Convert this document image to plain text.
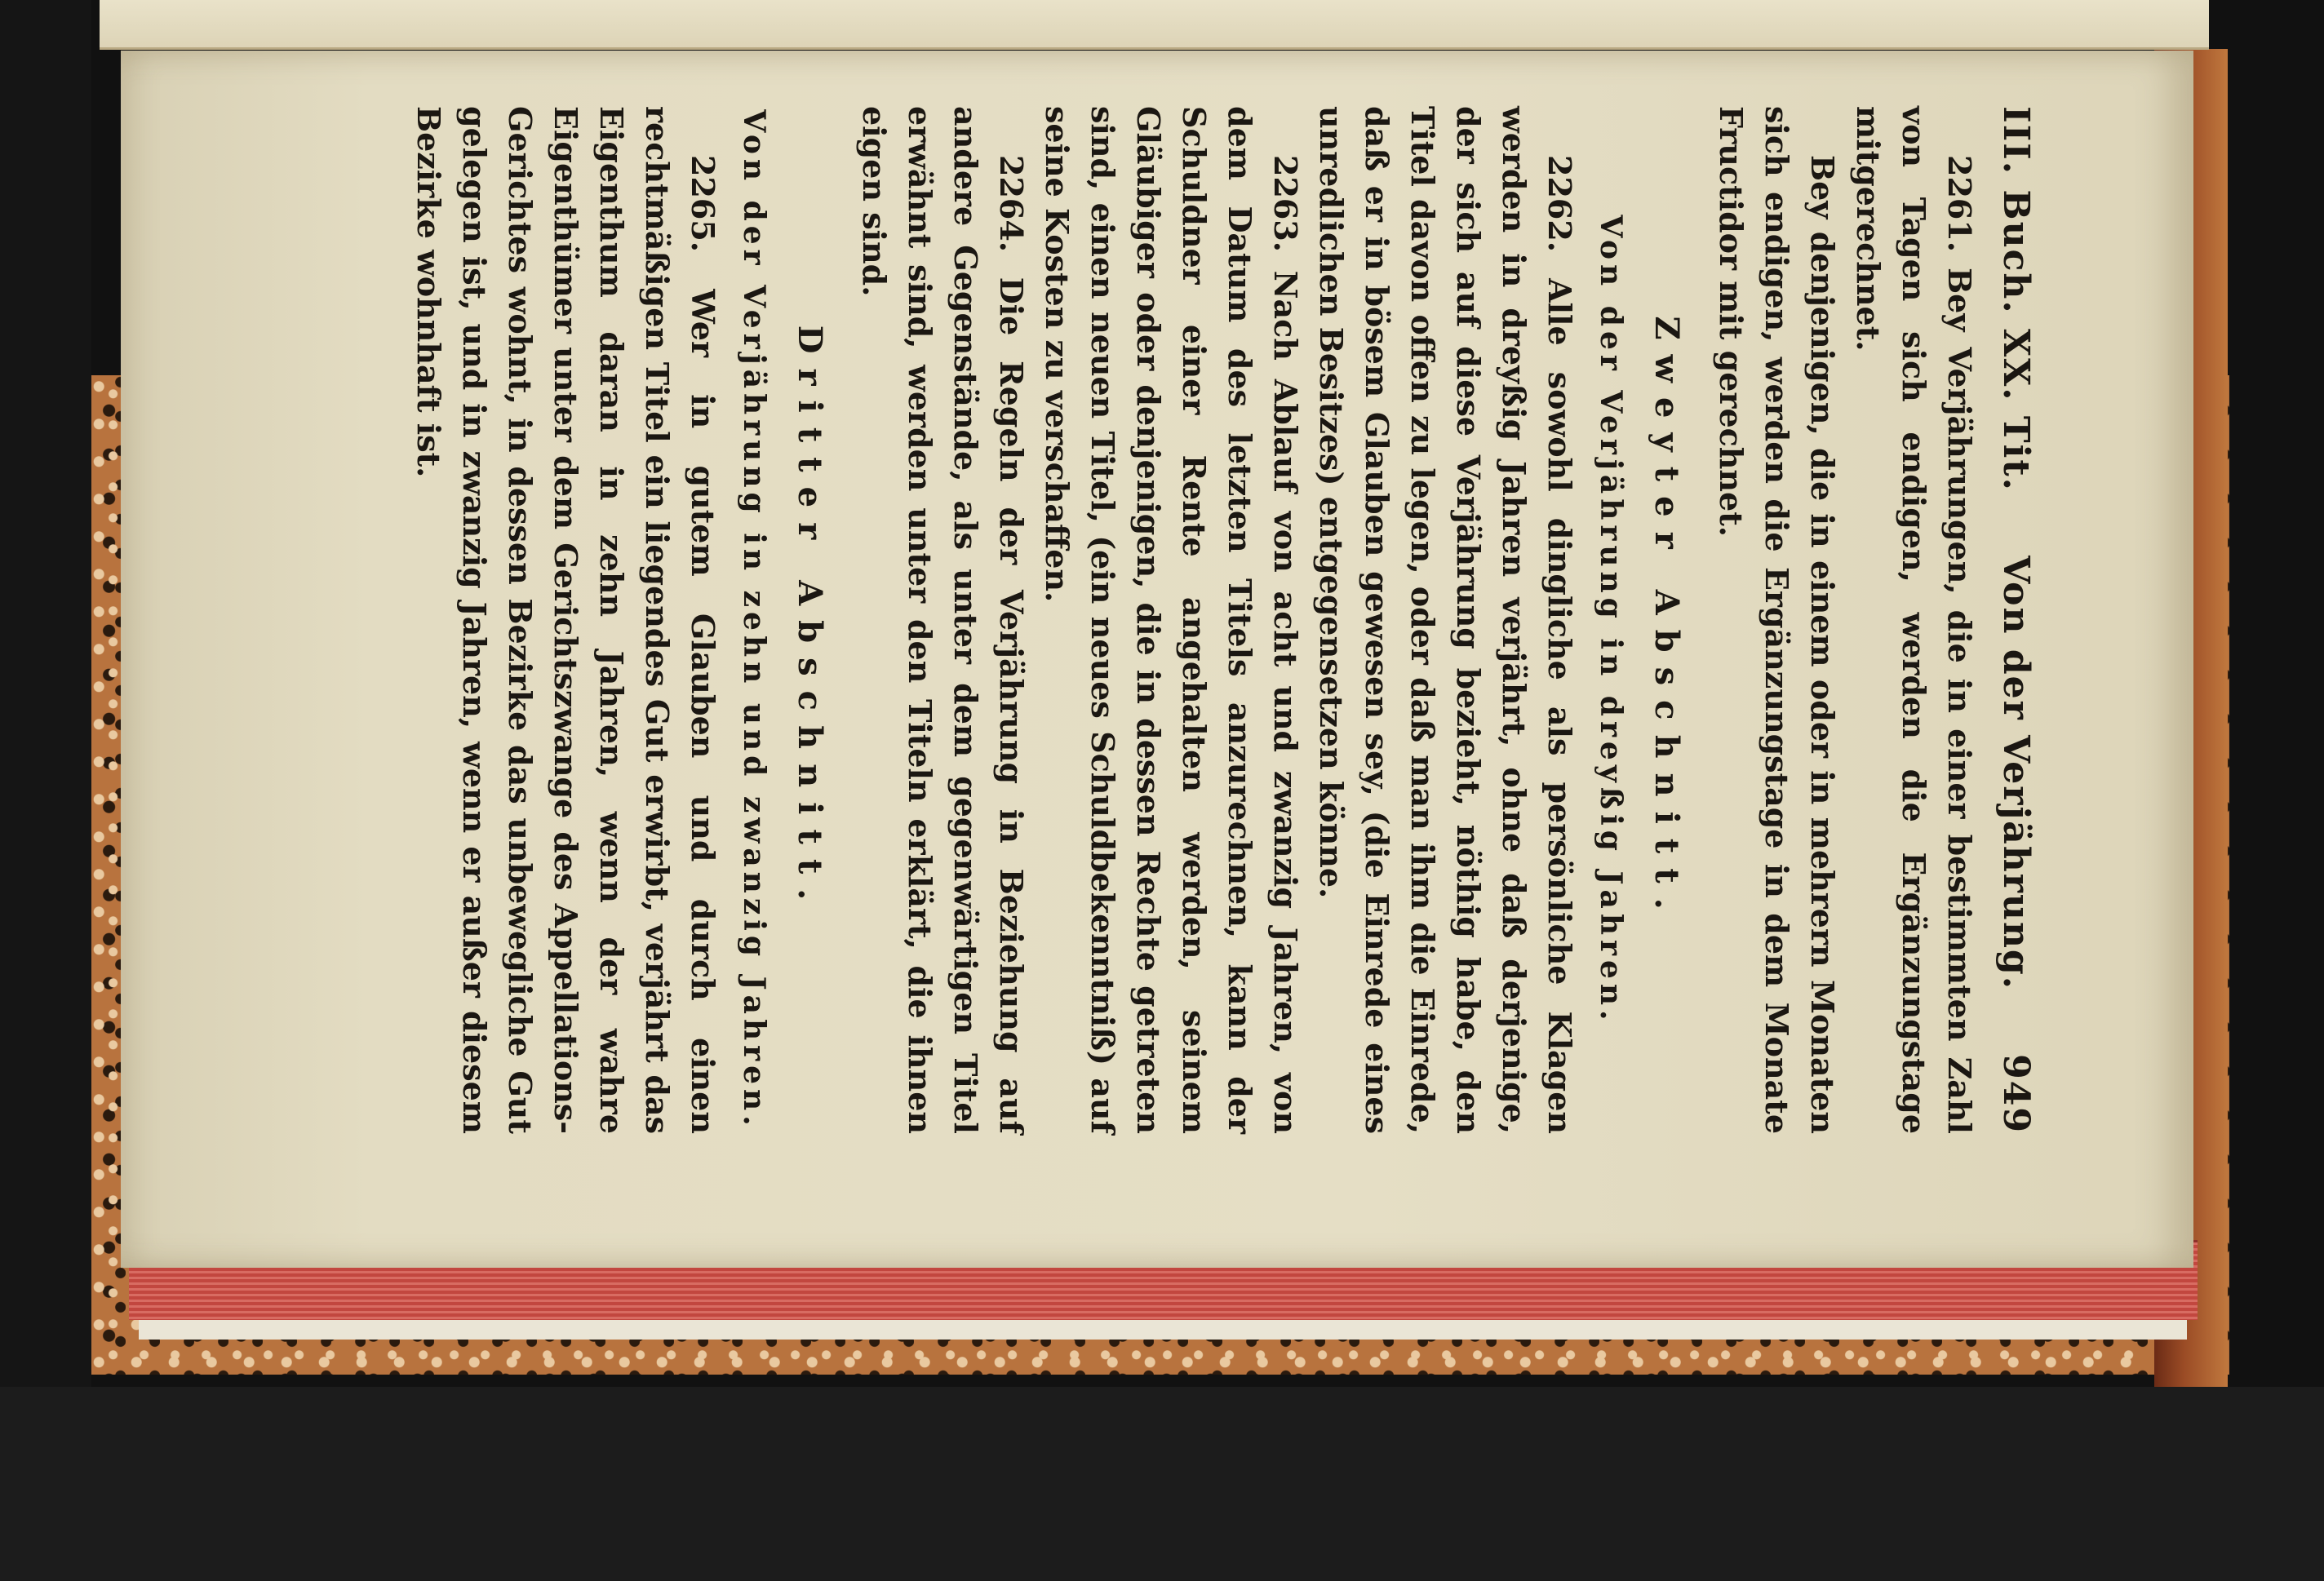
III. Buch. XX. Tit.
Von der Verjährung.
949

2261. Bey Verjährungen, die in einer bestimmten Zahl von Tagen sich endigen, werden die Ergänzungstage mitgerechnet.

Bey denjenigen, die in einem oder in mehrern Monaten sich endigen, werden die Ergänzungstage in dem Monate Fructidor mit gerechnet.

Zweyter Abschnitt.
Von der Verjährung in dreyßig Jahren.

2262. Alle sowohl dingliche als persönliche Klagen werden in dreyßig Jahren verjährt, ohne daß derjenige, der sich auf diese Verjährung bezieht, nöthig habe, den Titel davon offen zu legen, oder daß man ihm die Einrede, daß er in bösem Glauben gewesen sey, (die Einrede eines unredlichen Besitzes) entgegensetzen könne.

2263. Nach Ablauf von acht und zwanzig Jahren, von dem Datum des letzten Titels anzurechnen, kann der Schuldner einer Rente angehalten werden, seinem Gläubiger oder denjenigen, die in dessen Rechte getreten sind, einen neuen Titel, (ein neues Schuldbekenntniß) auf seine Kosten zu verschaffen.

2264. Die Regeln der Verjährung in Beziehung auf andere Gegenstände, als unter dem gegenwärtigen Titel erwähnt sind, werden unter den Titeln erklärt, die ihnen eigen sind.

Dritter Abschnitt.
Von der Verjährung in zehn und zwanzig Jahren.

2265. Wer in gutem Glauben und durch einen rechtmäßigen Titel ein liegendes Gut erwirbt, verjährt das Eigenthum daran in zehn Jahren, wenn der wahre Eigenthümer unter dem Gerichtszwange des Appellations-Gerichtes wohnt, in dessen Bezirke das unbewegliche Gut gelegen ist, und in zwanzig Jahren, wenn er außer diesem Bezirke wohnhaft ist.
